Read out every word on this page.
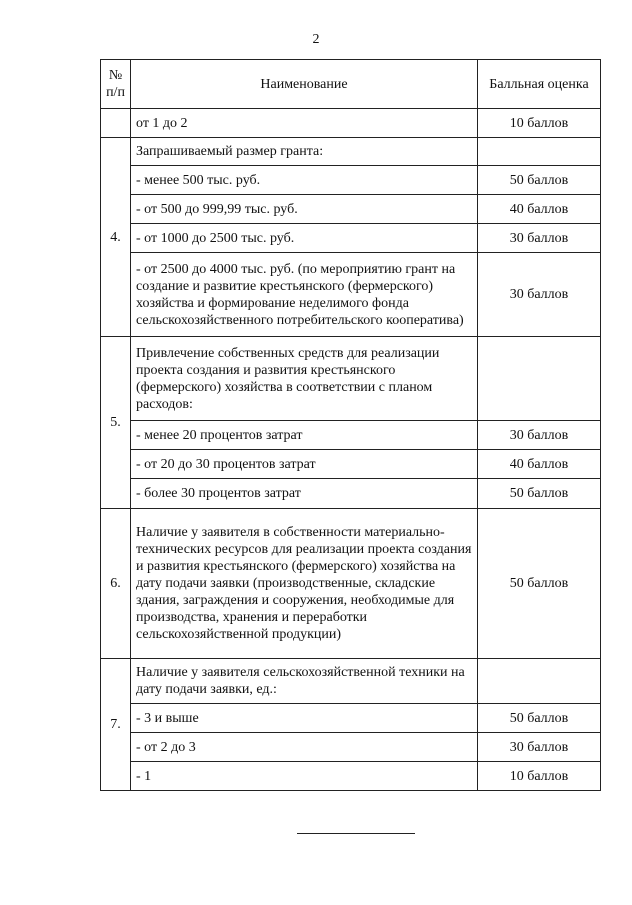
2
№
п/п	Наименование	Балльная оценка
	от 1 до 2	10 баллов
4.	Запрашиваемый размер гранта:	
	- менее 500 тыс. руб.	50 баллов
	- от 500 до 999,99 тыс. руб.	40 баллов
	- от 1000 до 2500 тыс. руб.	30 баллов
	- от 2500 до 4000 тыс. руб. (по мероприятию грант на создание и развитие крестьянского (фермерского) хозяйства и формирование неделимого фонда сельскохозяйственного потребительского кооператива)	30 баллов
5.	Привлечение собственных средств для реализации проекта создания и развития крестьянского (фермерского) хозяйства в соответствии с планом расходов:	
	- менее 20 процентов затрат	30 баллов
	- от 20 до 30 процентов затрат	40 баллов
	- более 30 процентов затрат	50 баллов
6.	Наличие у заявителя в собственности материально-технических ресурсов для реализации проекта создания и развития крестьянского (фермерского) хозяйства на дату подачи заявки (производственные, складские здания, заграждения и сооружения, необходимые для производства, хранения и переработки сельскохозяйственной продукции)	50 баллов
7.	Наличие у заявителя сельскохозяйственной техники на дату подачи заявки, ед.:	
	- 3 и выше	50 баллов
	- от 2 до 3	30 баллов
	- 1	10 баллов
